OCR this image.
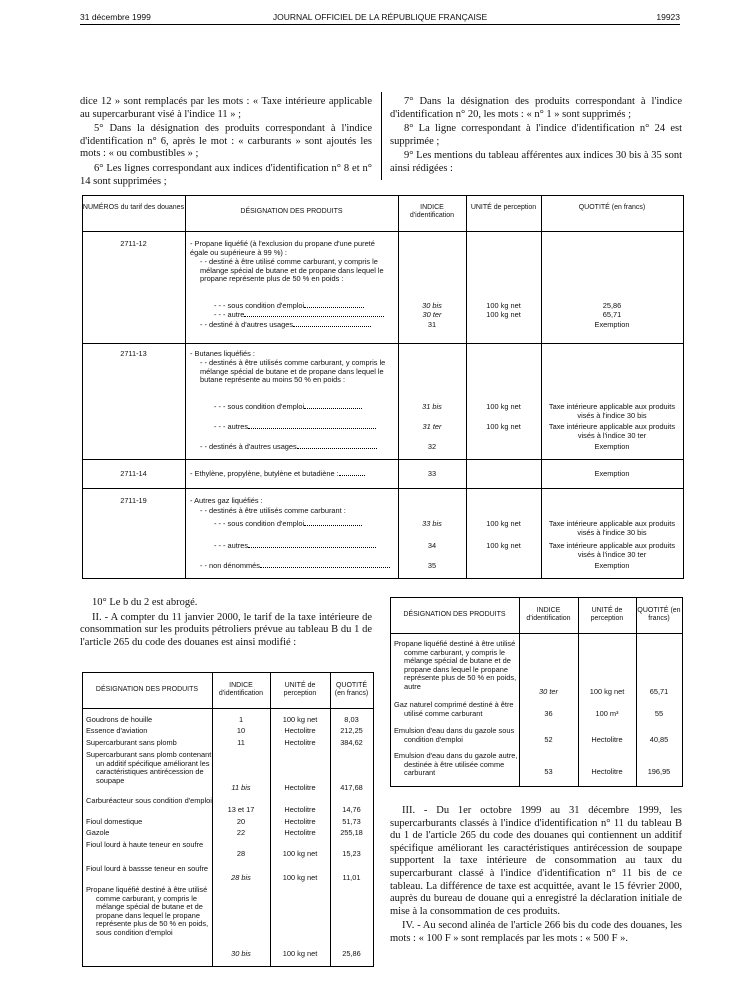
31 décembre 1999	JOURNAL OFFICIEL DE LA RÉPUBLIQUE FRANÇAISE	19923

dice 12 » sont remplacés par les mots : « Taxe intérieure applicable au supercarburant visé à l'indice 11 » ;

5° Dans la désignation des produits correspondant à l'indice d'identification n° 6, après le mot : « carburants » sont ajoutés les mots : « ou combustibles » ;

6° Les lignes correspondant aux indices d'identification n° 8 et n° 14 sont supprimées ;

7° Dans la désignation des produits correspondant à l'indice d'identification n° 20, les mots : « n° 1 » sont supprimés ;

8° La ligne correspondant à l'indice d'identification n° 24 est supprimée ;

9° Les mentions du tableau afférentes aux indices 30 bis à 35 sont ainsi rédigées :

NUMÉROS du tarif des douanes
DÉSIGNATION DES PRODUITS
INDICE d'identification
UNITÉ de perception	QUOTITÉ (en francs)
2711-12	- Propane liquéfié (à l'exclusion du propane d'une pureté égale ou supérieure à 99 %) :
- - destiné à être utilisé comme carburant, y compris le mélange spécial de butane et de propane dans lequel le propane représente plus de 50 % en poids :
- - - sous condition d'emploi	30 bis	100 kg net	25,86
- - - autre	30 ter	100 kg net	65,71
- - destiné à d'autres usages	31	Exemption
2711-13	- Butanes liquéfiés :
- - destinés à être utilisés comme carburant, y compris le mélange spécial de butane et de propane dans lequel le butane représente au moins 50 % en poids :
- - - sous condition d'emploi	31 bis	100 kg net	Taxe intérieure applicable aux produits visés à l'indice 30 bis
- - - autres	31 ter	100 kg net	Taxe intérieure applicable aux produits visés à l'indice 30 ter
- - destinés à d'autres usages	32	Exemption
2711-14	- Ethylène, propylène, butylène et butadiène :	33	Exemption
2711-19	- Autres gaz liquéfiés :
- - destinés à être utilisés comme carburant :
- - - sous condition d'emploi	33 bis	100 kg net	Taxe intérieure applicable aux produits visés à l'indice 30 bis
- - - autres	34	100 kg net	Taxe intérieure applicable aux produits visés à l'indice 30 ter
- - non dénommés	35	Exemption

10° Le b du 2 est abrogé.

II. - A compter du 11 janvier 2000, le tarif de la taxe intérieure de consommation sur les produits pétroliers prévue au tableau B du 1 de l'article 265 du code des douanes est ainsi modifié :

DÉSIGNATION DES PRODUITS
INDICE d'identification
UNITÉ de perception
QUOTITÉ (en francs)
Goudrons de houille	1	100 kg net	8,03
Essence d'aviation	10	Hectolitre	212,25
Supercarburant sans plomb	11	Hectolitre	384,62
Supercarburant sans plomb contenant un additif spécifique améliorant les caractéristiques antirécession de soupape
11 bis	Hectolitre	417,68
Carburéacteur sous condition d'emploi
13 et 17	Hectolitre	14,76
Fioul domestique	20	Hectolitre	51,73
Gazole	22	Hectolitre	255,18
Fioul lourd à haute teneur en soufre
28	100 kg net	15,23
Fioul lourd à bassse teneur en soufre
28 bis	100 kg net	11,01
Propane liquéfié destiné à être utilisé comme carburant, y compris le mélange spécial de butane et de propane dans lequel le propane représente plus de 50 % en poids, sous condition d'emploi
30 bis	100 kg net	25,86
DÉSIGNATION DES PRODUITS
INDICE d'identification
UNITÉ de perception
QUOTITÉ (en francs)
Propane liquéfié destiné à être utilisé comme carburant, y compris le mélange spécial de butane et de propane dans lequel le propane représente plus de 50 % en poids, autre
30 ter	100 kg net	65,71
Gaz naturel comprimé destiné à être utilisé comme carburant	36	100 m³	55
Emulsion d'eau dans du gazole sous condition d'emploi	52	Hectolitre	40,85
Emulsion d'eau dans du gazole autre, destinée à être utilisée comme carburant	53	Hectolitre	196,95

III. - Du 1er octobre 1999 au 31 décembre 1999, les supercarburants classés à l'indice d'identification n° 11 du tableau B du 1 de l'article 265 du code des douanes qui contiennent un additif spécifique améliorant les caractéristiques antirécession de soupape supportent la taxe intérieure de consommation au taux du supercarburant classé à l'indice d'identification n° 11 bis de ce tableau. La différence de taxe est acquittée, avant le 15 février 2000, auprès du bureau de douane qui a enregistré la déclaration initiale de mise à la consommation de ces produits.

IV. - Au second alinéa de l'article 266 bis du code des douanes, les mots : « 100 F » sont remplacés par les mots : « 500 F ».
